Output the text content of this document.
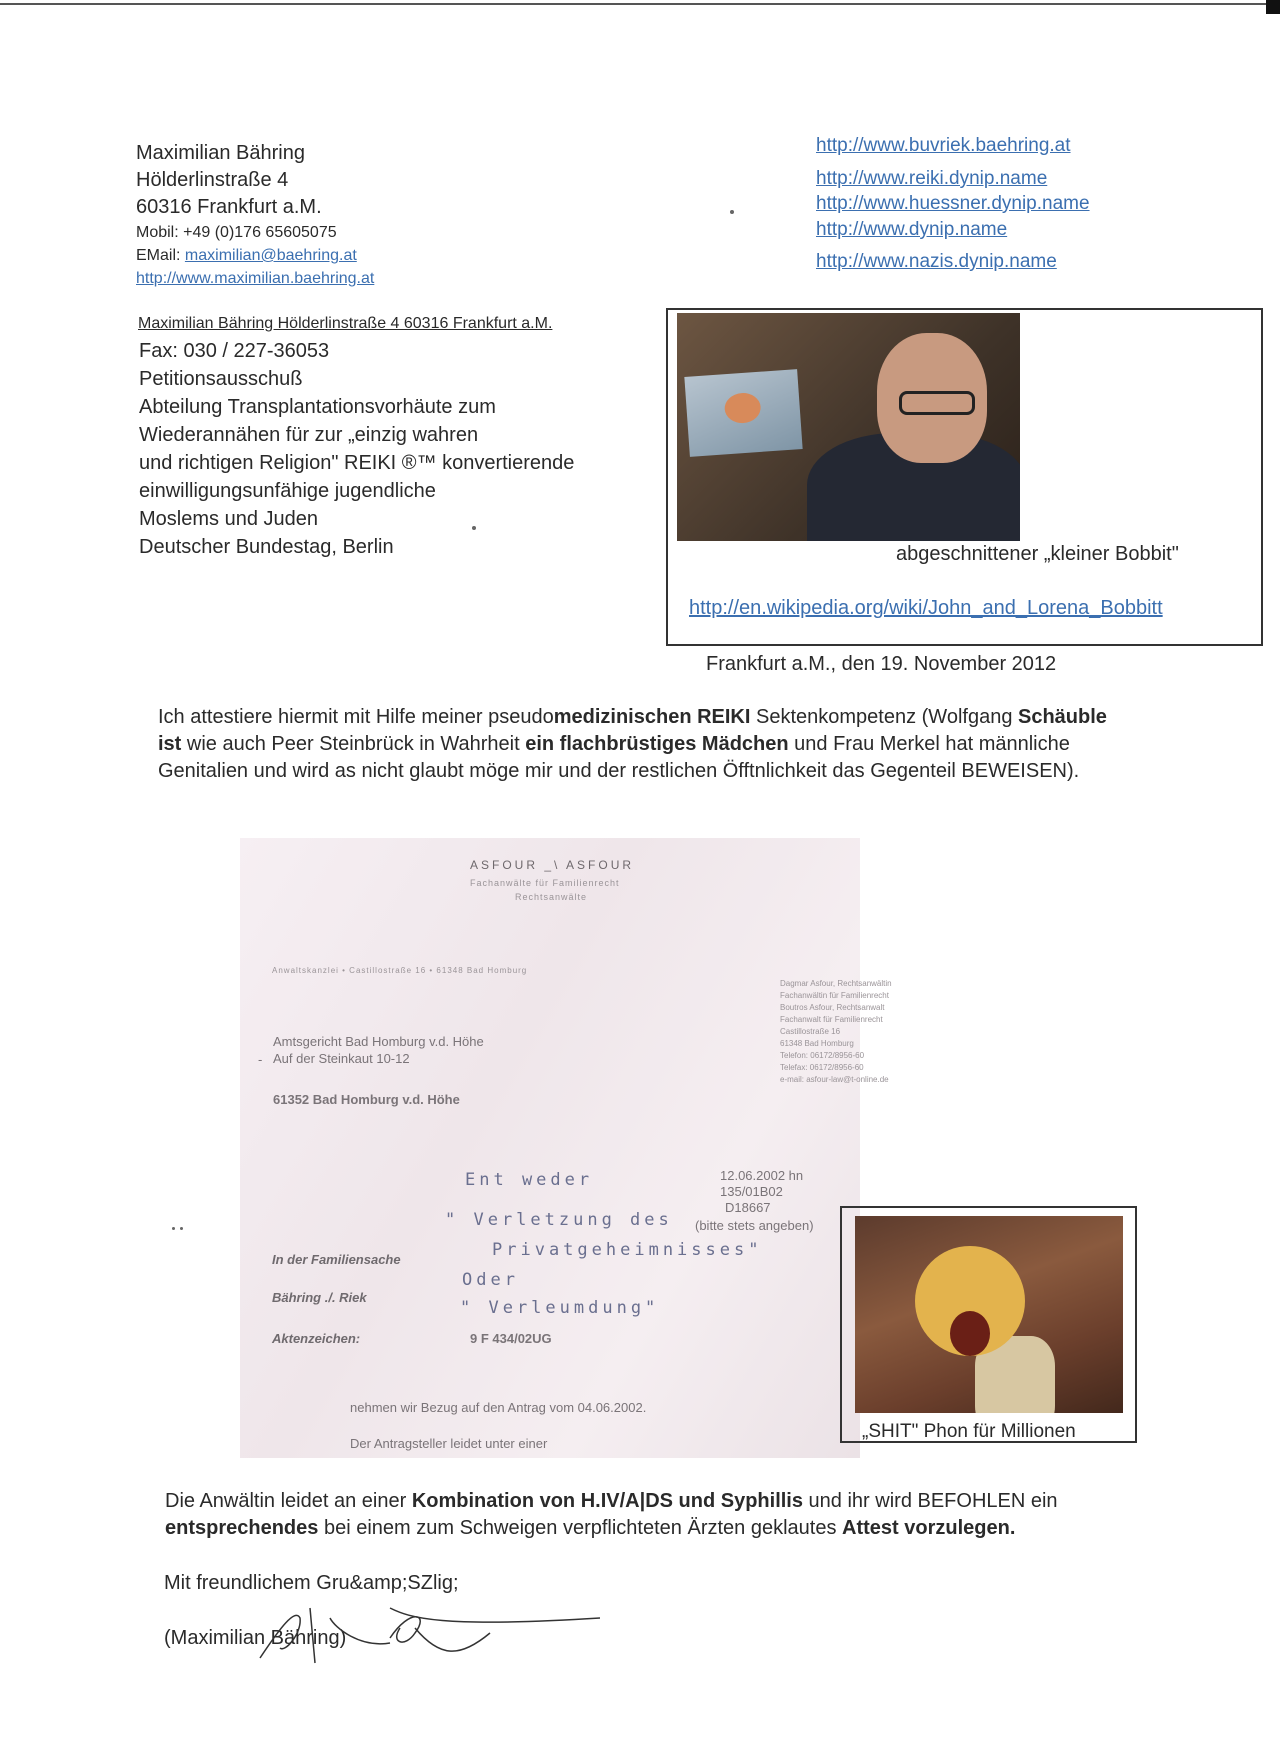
Maximilian Bähring
Hölderlinstraße 4
60316 Frankfurt a.M.
Mobil: +49 (0)176 65605075
EMail: maximilian@baehring.at
http://www.maximilian.baehring.at
http://www.buvriek.baehring.at
http://www.reiki.dynip.name
http://www.huessner.dynip.name
http://www.dynip.name
http://www.nazis.dynip.name
Maximilian Bähring Hölderlinstraße 4 60316 Frankfurt a.M.
Fax: 030 / 227-36053
Petitionsausschuß
Abteilung Transplantationsvorhäute zum
Wiederannähen für zur „einzig wahren
und richtigen Religion" REIKI ®™ konvertierende
einwilligungsunfähige jugendliche
Moslems und Juden
Deutscher Bundestag, Berlin	abgeschnittener „kleiner Bobbit"
http://en.wikipedia.org/wiki/John_and_Lorena_Bobbitt
Frankfurt a.M., den 19. November 2012
Ich attestiere hiermit mit Hilfe meiner pseudomedizinischen REIKI Sektenkompetenz (Wolfgang Schäuble ist wie auch Peer Steinbrück in Wahrheit ein flachbrüstiges Mädchen und Frau Merkel hat männliche Genitalien und wird as nicht glaubt möge mir und der restlichen Öfftnlichkeit das Gegenteil BEWEISEN).
ASFOUR _\ ASFOUR
Fachanwälte für Familienrecht
Rechtsanwälte
Anwaltskanzlei • Castillostraße 16 • 61348 Bad Homburg
Dagmar Asfour, Rechtsanwältin
Fachanwältin für Familienrecht
Boutros Asfour, Rechtsanwalt
Fachanwalt für Familienrecht
Castillostraße 16
61348 Bad Homburg
Telefon: 06172/8956-60
Telefax: 06172/8956-60
e-mail: asfour-law@t-online.de
Amtsgericht Bad Homburg v.d. Höhe
Auf der Steinkaut 10-12
-
61352 Bad Homburg v.d. Höhe
12.06.2002 hn
135/01B02
D18667
(bitte stets angeben)
Ent weder
" Verletzung des
Privatgeheimnisses"
Oder
" Verleumdung"
In der Familiensache
Bähring ./. Riek
Aktenzeichen:	9 F 434/02UG
nehmen wir Bezug auf den Antrag vom 04.06.2002.
Der Antragsteller leidet unter einer
„SHIT" Phon für Millionen
Die Anwältin leidet an einer Kombination von H.IV/A|DS und Syphillis und ihr wird BEFOHLEN ein entsprechendes bei einem zum Schweigen verpflichteten Ärzten geklautes Attest vorzulegen.
Mit freundlichem Gru&amp;SZlig;
(Maximilian Bähring)
